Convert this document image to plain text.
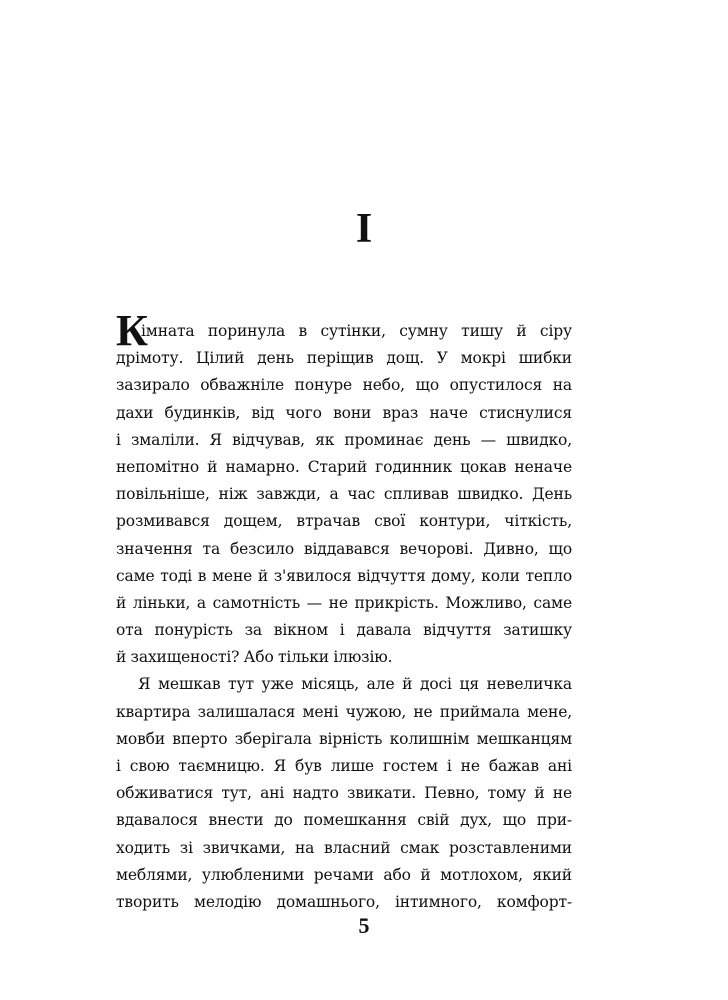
I
К
імната поринула в сутінки, сумну тишу й сіру
дрімоту. Цілий день періщив дощ. У мокрі шибки
зазирало обважніле понуре небо, що опустилося на
дахи будинків, від чого вони враз наче стиснулися
і змаліли. Я відчував, як проминає день — швидко,
непомітно й намарно. Старий годинник цокав неначе
повільніше, ніж завжди, а час спливав швидко. День
розмивався дощем, втрачав свої контури, чіткість,
значення та безсило віддавався вечорові. Дивно, що
саме тоді в мене й з'явилося відчуття дому, коли тепло
й ліньки, а самотність — не прикрість. Можливо, саме
ота понурість за вікном і давала відчуття затишку
й захищеності? Або тільки ілюзію.
Я мешкав тут уже місяць, але й досі ця невеличка
квартира залишалася мені чужою, не приймала мене,
мовби вперто зберігала вірність колишнім мешканцям
і свою таємницю. Я був лише гостем і не бажав ані
обживатися тут, ані надто звикати. Певно, тому й не
вдавалося внести до помешкання свій дух, що при-
ходить зі звичками, на власний смак розставленими
меблями, улюбленими речами або й мотлохом, який
творить мелодію домашнього, інтимного, комфорт-
5
